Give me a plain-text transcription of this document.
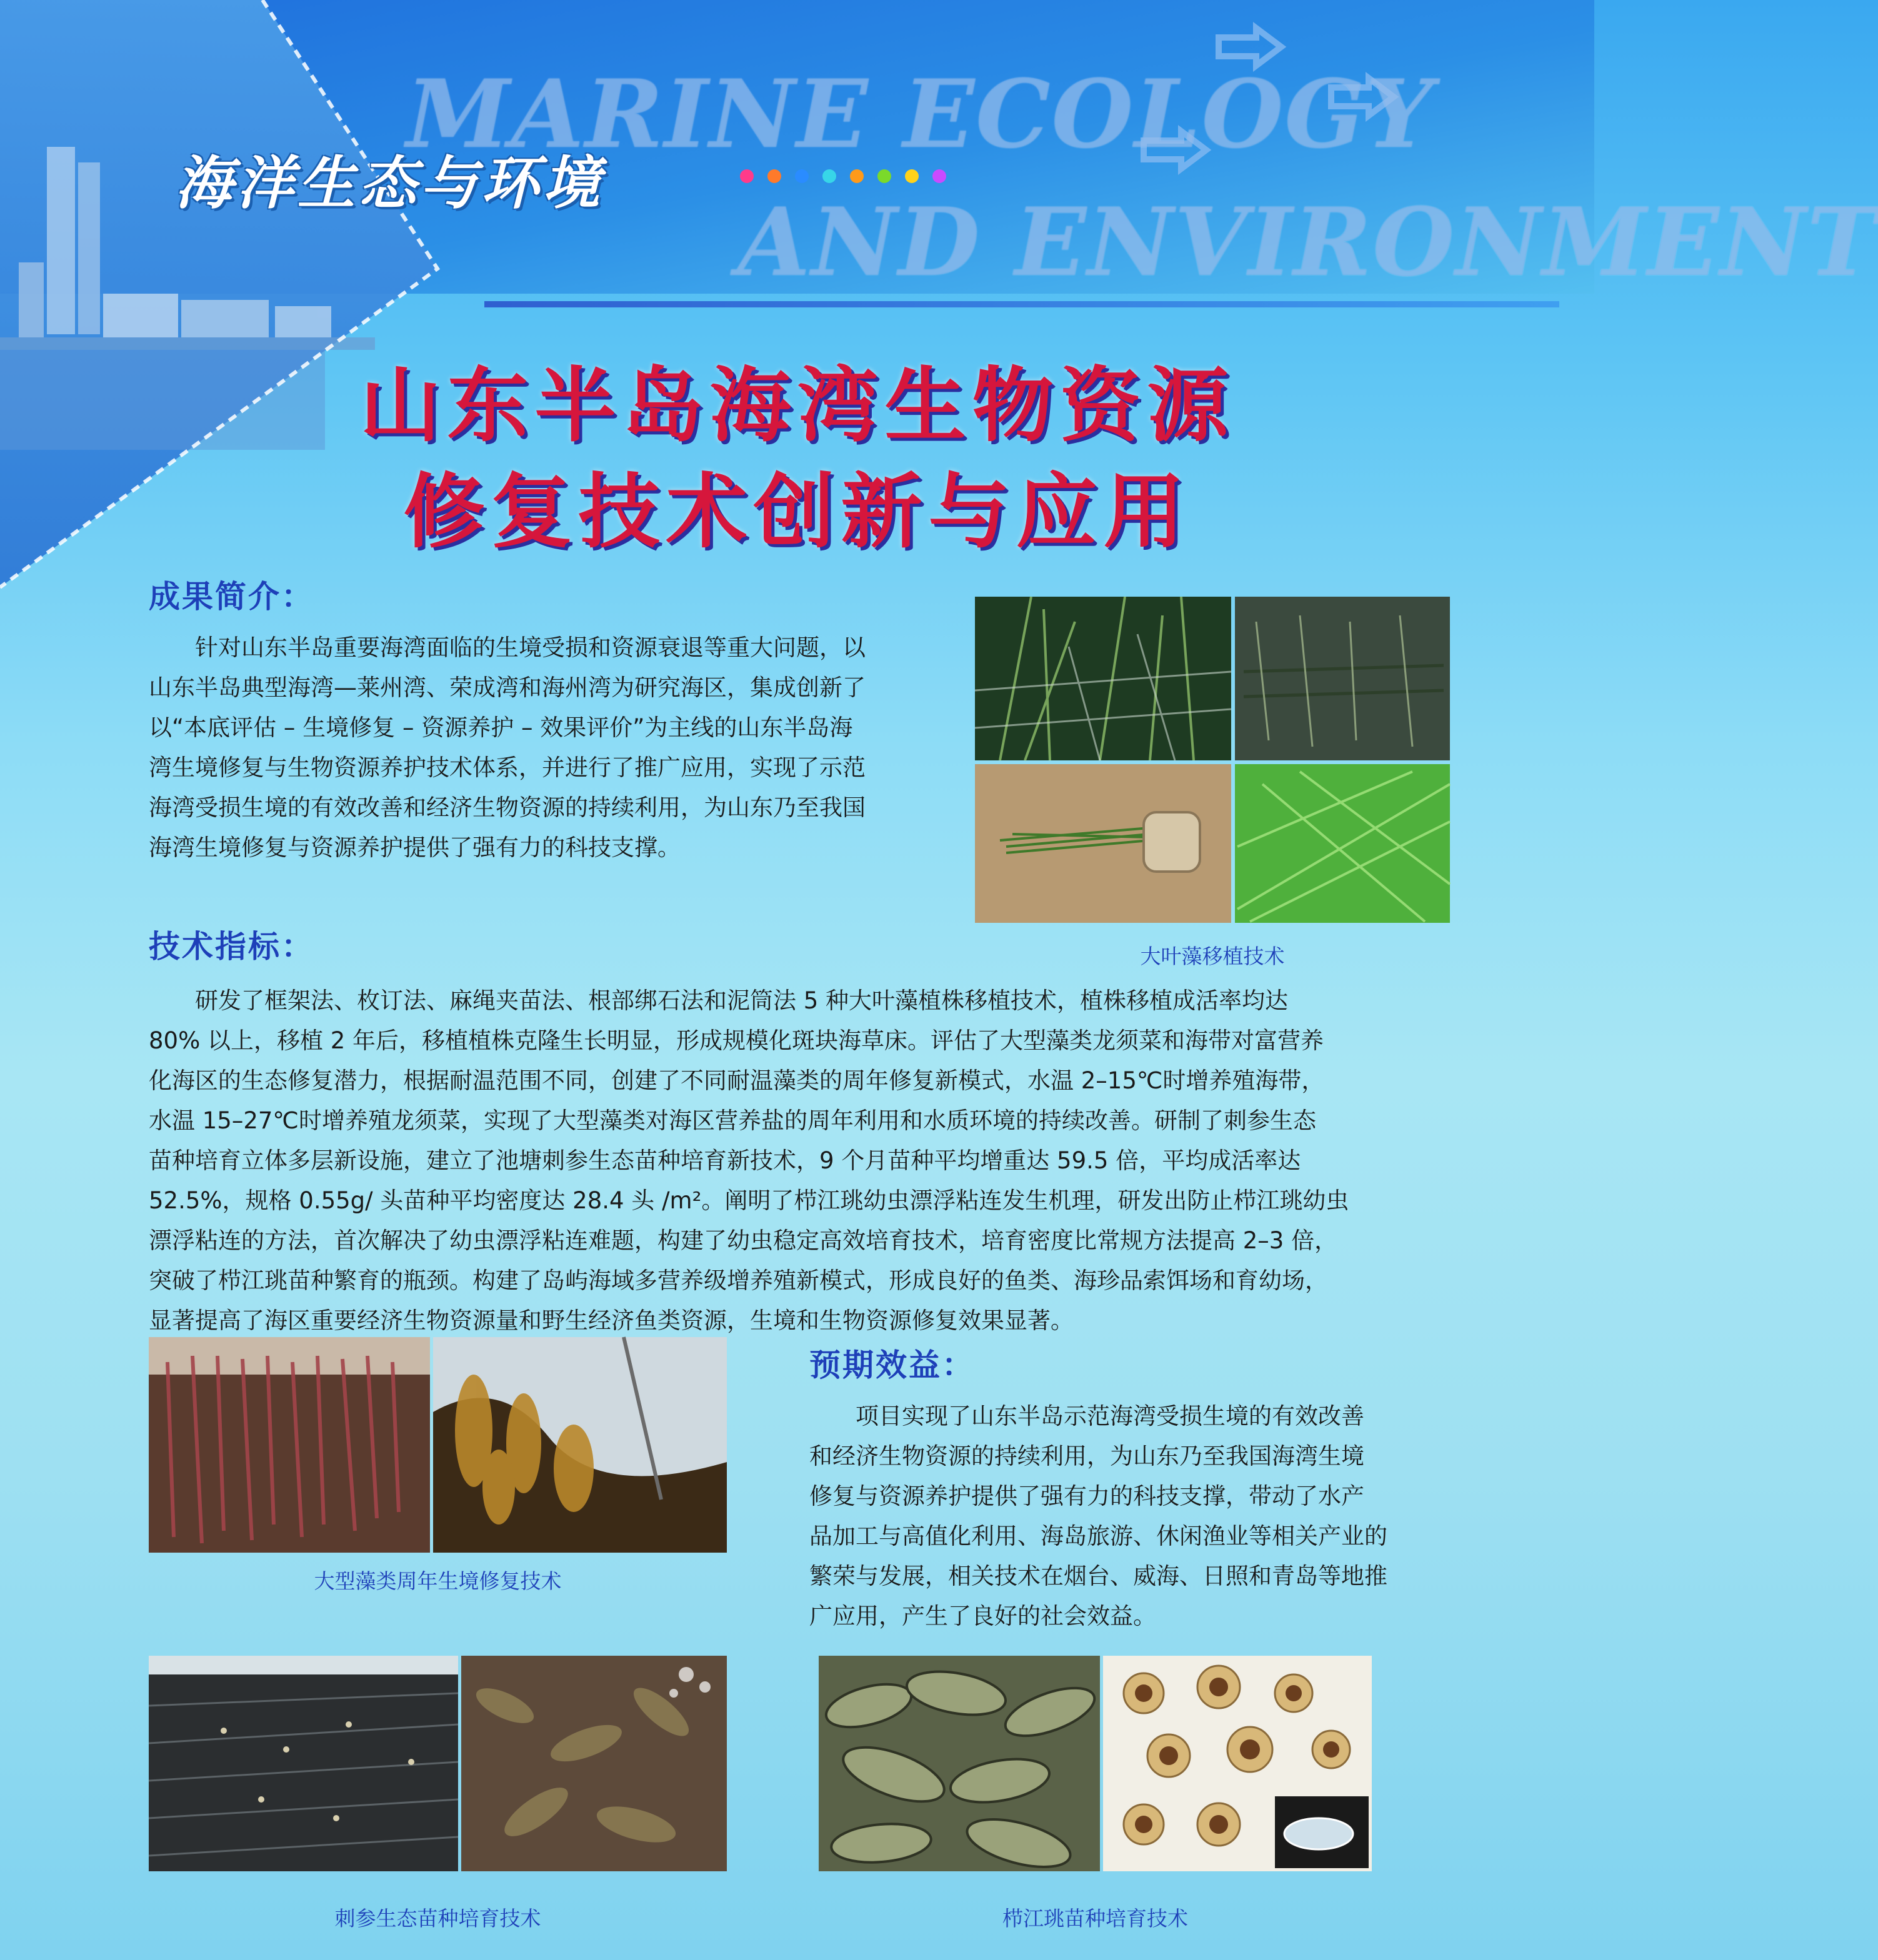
MARINE ECOLOGY
AND ENVIRONMENT
海洋生态与环境
山东半岛海湾生物资源
修复技术创新与应用
成果简介：
针对山东半岛重要海湾面临的生境受损和资源衰退等重大问题，以
山东半岛典型海湾—莱州湾、荣成湾和海州湾为研究海区，集成创新了
以“本底评估 – 生境修复 – 资源养护 – 效果评价”为主线的山东半岛海
湾生境修复与生物资源养护技术体系，并进行了推广应用，实现了示范
海湾受损生境的有效改善和经济生物资源的持续利用，为山东乃至我国
海湾生境修复与资源养护提供了强有力的科技支撑。
大叶藻移植技术
技术指标：
研发了框架法、枚订法、麻绳夹苗法、根部绑石法和泥筒法 5 种大叶藻植株移植技术，植株移植成活率均达
80% 以上，移植 2 年后，移植植株克隆生长明显，形成规模化斑块海草床。评估了大型藻类龙须菜和海带对富营养
化海区的生态修复潜力，根据耐温范围不同，创建了不同耐温藻类的周年修复新模式，水温 2–15℃时增养殖海带，
水温 15–27℃时增养殖龙须菜，实现了大型藻类对海区营养盐的周年利用和水质环境的持续改善。研制了刺参生态
苗种培育立体多层新设施，建立了池塘刺参生态苗种培育新技术，9 个月苗种平均增重达 59.5 倍，平均成活率达
52.5%，规格 0.55g/ 头苗种平均密度达 28.4 头 /m²。阐明了栉江珧幼虫漂浮粘连发生机理，研发出防止栉江珧幼虫
漂浮粘连的方法，首次解决了幼虫漂浮粘连难题，构建了幼虫稳定高效培育技术，培育密度比常规方法提高 2–3 倍，
突破了栉江珧苗种繁育的瓶颈。构建了岛屿海域多营养级增养殖新模式，形成良好的鱼类、海珍品索饵场和育幼场，
显著提高了海区重要经济生物资源量和野生经济鱼类资源，生境和生物资源修复效果显著。
大型藻类周年生境修复技术
预期效益：
项目实现了山东半岛示范海湾受损生境的有效改善
和经济生物资源的持续利用，为山东乃至我国海湾生境
修复与资源养护提供了强有力的科技支撑，带动了水产
品加工与高值化利用、海岛旅游、休闲渔业等相关产业的
繁荣与发展，相关技术在烟台、威海、日照和青岛等地推
广应用，产生了良好的社会效益。
刺参生态苗种培育技术	栉江珧苗种培育技术
